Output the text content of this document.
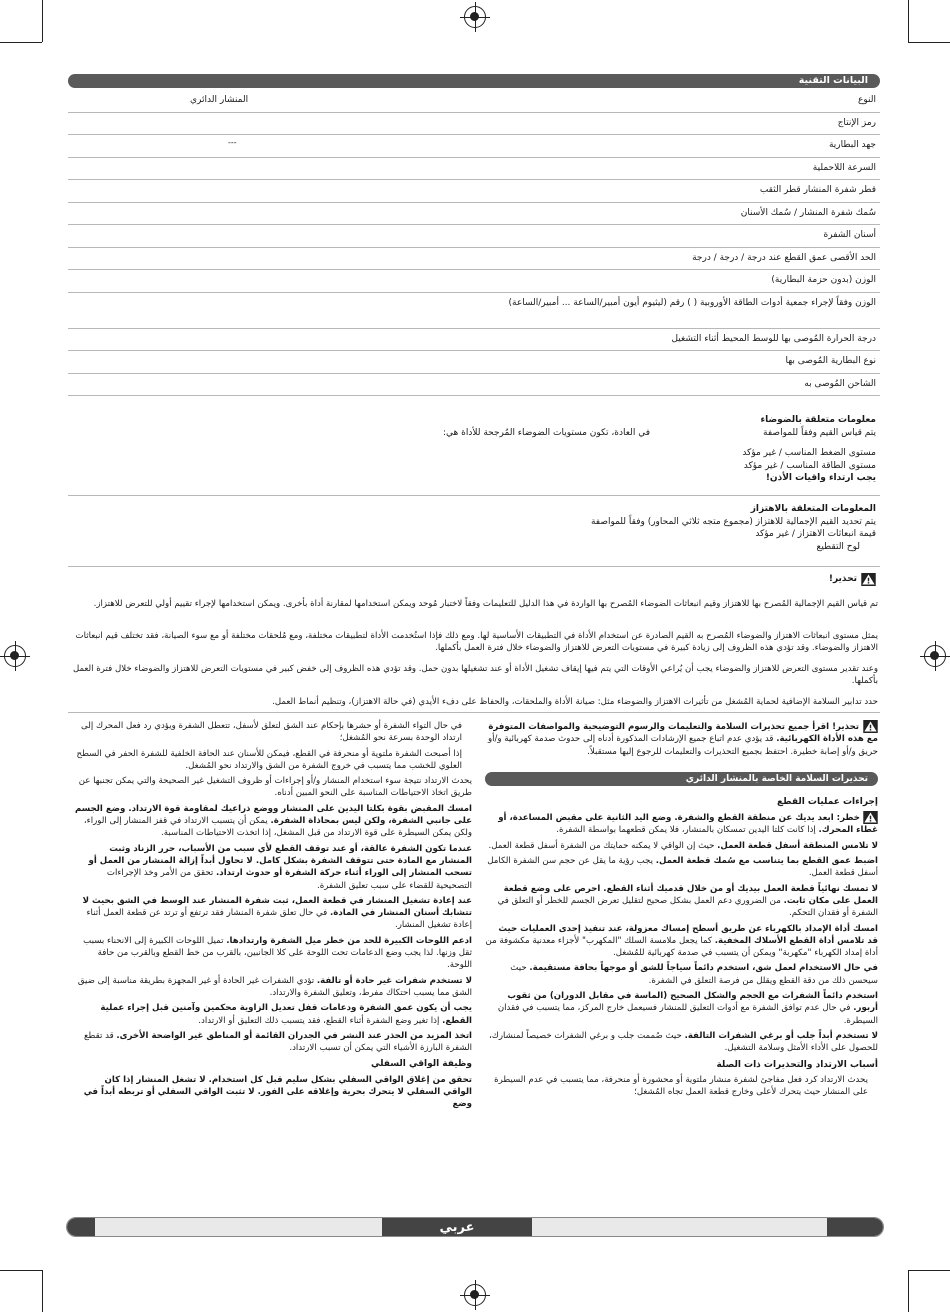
البيانات التقنية
النوع
المنشار الدائري
رمز الإنتاج
جهد البطارية
---
السرعة اللاحملية
قطر شفرة المنشار قطر الثقب
سُمك شفرة المنشار / سُمك الأسنان
أسنان الشفرة
الحد الأقصى عمق القطع عند درجة / درجة / درجة
الوزن (بدون حزمة البطارية)
الوزن وفقاً لإجراء جمعية أدوات الطاقة الأوروبية ( ) رقم (ليثيوم أيون أمبير/الساعة ... أمبير/الساعة)
درجة الحرارة المُوصى بها للوسط المحيط أثناء التشغيل
نوع البطارية المُوصى بها
الشاحن المُوصى به
معلومات متعلقة بالضوضاء
يتم قياس القيم وفقاً للمواصفة
في العادة، تكون مستويات الضوضاء المُرجحة للأداة هي:
مستوى الضغط المناسب / غير مؤكد
مستوى الطاقة المناسب / غير مؤكد
يجب ارتداء واقيات الأذن!
المعلومات المتعلقة بالاهتزاز
يتم تحديد القيم الإجمالية للاهتزاز (مجموع متجه ثلاثي المحاور) وفقاً للمواصفة
قيمة انبعاثات الاهتزاز / غير مؤكد
لوح التقطيع
تحذير!

تم قياس القيم الإجمالية المُصرح بها للاهتزاز وقيم انبعاثات الضوضاء المُصرح بها الواردة في هذا الدليل للتعليمات وفقاً لاختبار مُوحد ويمكن استخدامها لمقارنة أداة بأخرى. ويمكن استخدامها لإجراء تقييم أولي للتعرض للاهتزاز.

يمثل مستوى انبعاثات الاهتزاز والضوضاء المُصرح به القيم الصادرة عن استخدام الأداة في التطبيقات الأساسية لها. ومع ذلك فإذا استُخدمت الأداة لتطبيقات مختلفة، ومع مُلحقات مختلفة أو مع سوء الصيانة، فقد تختلف قيم انبعاثات الاهتزاز والضوضاء. وقد تؤدي هذه الظروف إلى زيادة كبيرة في مستويات التعرض للاهتزاز والضوضاء خلال فترة العمل بأكملها.

وعند تقدير مستوى التعرض للاهتزاز والضوضاء يجب أن يُراعي الأوقات التي يتم فيها إيقاف تشغيل الأداة أو عند تشغيلها بدون حمل. وقد تؤدي هذه الظروف إلى خفض كبير في مستويات التعرض للاهتزاز والضوضاء خلال فترة العمل بأكملها.

حدد تدابير السلامة الإضافية لحماية المُشغل من تأثيرات الاهتزاز والضوضاء مثل: صيانة الأداة والملحقات، والحفاظ على دفء الأيدي (في حالة الاهتزاز)، وتنظيم أنماط العمل.

تحذير! اقرأ جميع تحذيرات السلامة والتعليمات والرسوم التوضيحية والمواصفات المتوفرة مع هذه الأداة الكهربائية. قد يؤدي عدم اتباع جميع الإرشادات المذكورة أدناه إلى حدوث صدمة كهربائية و/أو حريق و/أو إصابة خطيرة. احتفظ بجميع التحذيرات والتعليمات للرجوع إليها مستقبلاً.

تحذيرات السلامة الخاصة بالمنشار الدائري
إجراءات عمليات القطع

خطر: ابعد يديك عن منطقة القطع والشفرة. وضع اليد الثانية على مقبض المساعدة، أو غطاء المحرك. إذا كانت كلتا اليدين تمسكان بالمنشار، فلا يمكن قطعهما بواسطة الشفرة.

لا تلامس المنطقة أسفل قطعة العمل. حيث إن الواقي لا يمكنه حمايتك من الشفرة أسفل قطعة العمل.

اضبط عمق القطع بما يتناسب مع سُمك قطعة العمل. يجب رؤية ما يقل عن حجم سن الشفرة الكامل أسفل قطعة العمل.

لا تمسك نهائياً قطعة العمل بيديك أو من خلال قدميك أثناء القطع. احرص على وضع قطعة العمل على مكان ثابت. من الضروري دعم العمل بشكل صحيح لتقليل تعرض الجسم للخطر أو التعلق في الشفرة أو فقدان التحكم.

امسك أداة الإمداد بالكهرباء عن طريق أسطح إمساك معزولة، عند تنفيذ إحدى العمليات حيث قد تلامس أداة القطع الأسلاك المخفية. كما يجعل ملامسة السلك "المكهرب" لأجزاء معدنية مكشوفة من أداة إمداد الكهرباء "مكهربة" ويمكن أن يتسبب في صدمة كهربائية للمُشغل.

في حال الاستخدام لعمل شق، استخدم دائماً سياجاً للشق أو موجهاً بحافة مستقيمة. حيث سيحسن ذلك من دقة القطع ويقلل من فرصة التعلق في الشفرة.

استخدم دائماً الشفرات مع الحجم والشكل الصحيح (الماسة في مقابل الدوران) من ثقوب أربور. في حال عدم توافق الشفرة مع أدوات التعليق للمنشار فسيعمل خارج المركز، مما يتسبب في فقدان السيطرة.

لا تستخدم أبداً جلب أو برغي الشفرات التالفة. حيث صُممت جلب و برغي الشفرات خصيصاً لمنشارك، للحصول على الأداء الأمثل وسلامة التشغيل.

أسباب الارتداد والتحذيرات ذات الصلة

يحدث الارتداد كرد فعل مفاجئ لشفرة منشار ملتوية أو محشورة أو منحرفة، مما يتسبب في عدم السيطرة على المنشار حيث يتحرك لأعلى وخارج قطعة العمل تجاه المُشغل؛

في حال التواء الشفرة أو حشرها بإحكام عند الشق لتعلق لأسفل، تتعطل الشفرة ويؤدي رد فعل المحرك إلى ارتداد الوحدة بسرعة نحو المُشغل؛

إذا أصبحت الشفرة ملتوية أو منحرفة في القطع، فيمكن للأسنان عند الحافة الخلفية للشفرة الحفر في السطح العلوي للخشب مما يتسبب في خروج الشفرة من الشق والارتداد نحو المُشغل.

يحدث الارتداد نتيجة سوء استخدام المنشار و/أو إجراءات أو ظروف التشغيل غير الصحيحة والتي يمكن تجنبها عن طريق اتخاذ الاحتياطات المناسبة على النحو المبين أدناه.

امسك المقبض بقوة بكلتا اليدين على المنشار ووضع ذراعيك لمقاومة قوة الارتداد. وضع الجسم على جانبي الشفرة، ولكن ليس بمحاذاة الشفرة. يمكن أن يتسبب الارتداد في قفز المنشار إلى الوراء، ولكن يمكن السيطرة على قوة الارتداد من قبل المشغل، إذا اتخذت الاحتياطات المناسبة.

عندما تكون الشفرة عالقة، أو عند توقف القطع لأي سبب من الأسباب، حرر الزناد وثبت المنشار مع المادة حتى تتوقف الشفرة بشكل كامل. لا تحاول أبداً إزالة المنشار من العمل أو تسحب المنشار إلى الوراء أثناء حركة الشفرة أو حدوث ارتداد. تحقق من الأمر وخذ الإجراءات التصحيحية للقضاء على سبب تعليق الشفرة.

عند إعادة تشغيل المنشار في قطعة العمل، ثبت شفرة المنشار عند الوسط في الشق بحيث لا تتشابك أسنان المنشار في المادة. في حال تعلق شفرة المنشار فقد ترتفع أو ترتد عن قطعة العمل أثناء إعادة تشغيل المنشار.

ادعم اللوحات الكبيرة للحد من خطر ميل الشفرة وارتدادها. تميل اللوحات الكبيرة إلى الانحناء بسبب ثقل وزنها. لذا يجب وضع الدعامات تحت اللوحة على كلا الجانبين، بالقرب من خط القطع وبالقرب من حافة اللوحة.

لا تستخدم شفرات غير حادة أو تالفة. تؤدي الشفرات غير الحادة أو غير المجهزة بطريقة مناسبة إلى ضيق الشق مما يسبب احتكاك مفرط، وتعليق الشفرة والارتداد.

يجب أن يكون عمق الشفرة ودعامات قفل تعديل الزاوية محكمين وآمنين قبل إجراء عملية القطع. إذا تغير وضع الشفرة أثناء القطع، فقد يتسبب ذلك التعليق أو الارتداد.

اتخذ المزيد من الحذر عند النشر في الجدران القائمة أو المناطق غير الواضحة الأخرى. قد تقطع الشفرة البارزة الأشياء التي يمكن أن تسبب الارتداد.

وظيفة الواقي السفلي

تحقق من إغلاق الواقي السفلي بشكل سليم قبل كل استخدام. لا تشغل المنشار إذا كان الواقي السفلي لا يتحرك بحرية وإغلاقه على الفور. لا تثبت الواقي السفلي أو تربطه أبداً في وضع

عربي
